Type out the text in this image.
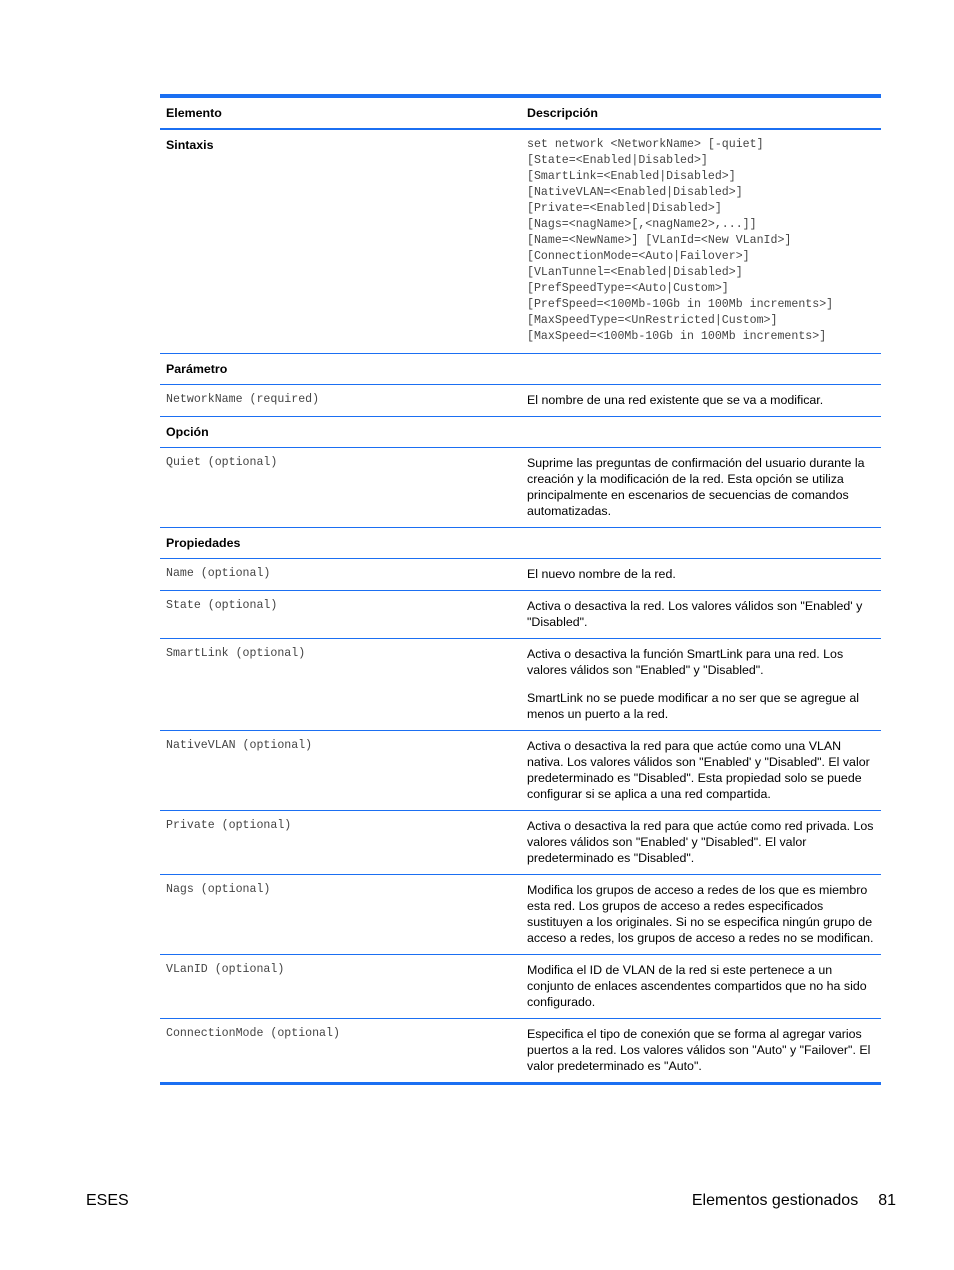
Elemento	Descripción
Sintaxis	set network <NetworkName> [-quiet]
[State=<Enabled|Disabled>]
[SmartLink=<Enabled|Disabled>]
[NativeVLAN=<Enabled|Disabled>]
[Private=<Enabled|Disabled>]
[Nags=<nagName>[,<nagName2>,...]]
[Name=<NewName>] [VLanId=<New VLanId>]
[ConnectionMode=<Auto|Failover>]
[VLanTunnel=<Enabled|Disabled>]
[PrefSpeedType=<Auto|Custom>]
[PrefSpeed=<100Mb-10Gb in 100Mb increments>]
[MaxSpeedType=<UnRestricted|Custom>]
[MaxSpeed=<100Mb-10Gb in 100Mb increments>]
Parámetro
NetworkName (required)	El nombre de una red existente que se va a modificar.

Opción
Quiet (optional)	Suprime las preguntas de confirmación del usuario durante la creación y la modificación de la red. Esta opción se utiliza principalmente en escenarios de secuencias de comandos automatizadas.

Propiedades
Name (optional)	El nuevo nombre de la red.

State (optional)	Activa o desactiva la red. Los valores válidos son "Enabled' y "Disabled".

SmartLink (optional)	Activa o desactiva la función SmartLink para una red. Los valores válidos son "Enabled" y "Disabled".

SmartLink no se puede modificar a no ser que se agregue al menos un puerto a la red.

NativeVLAN (optional)	Activa o desactiva la red para que actúe como una VLAN nativa. Los valores válidos son "Enabled' y "Disabled". El valor predeterminado es "Disabled". Esta propiedad solo se puede configurar si se aplica a una red compartida.

Private (optional)	Activa o desactiva la red para que actúe como red privada. Los valores válidos son "Enabled' y "Disabled". El valor predeterminado es "Disabled".

Nags (optional)	Modifica los grupos de acceso a redes de los que es miembro esta red. Los grupos de acceso a redes especificados sustituyen a los originales. Si no se especifica ningún grupo de acceso a redes, los grupos de acceso a redes no se modifican.

VLanID (optional)	Modifica el ID de VLAN de la red si este pertenece a un conjunto de enlaces ascendentes compartidos que no ha sido configurado.

ConnectionMode (optional)	Especifica el tipo de conexión que se forma al agregar varios puertos a la red. Los valores válidos son "Auto" y "Failover". El valor predeterminado es "Auto".

ESES	Elementos gestionados 81
